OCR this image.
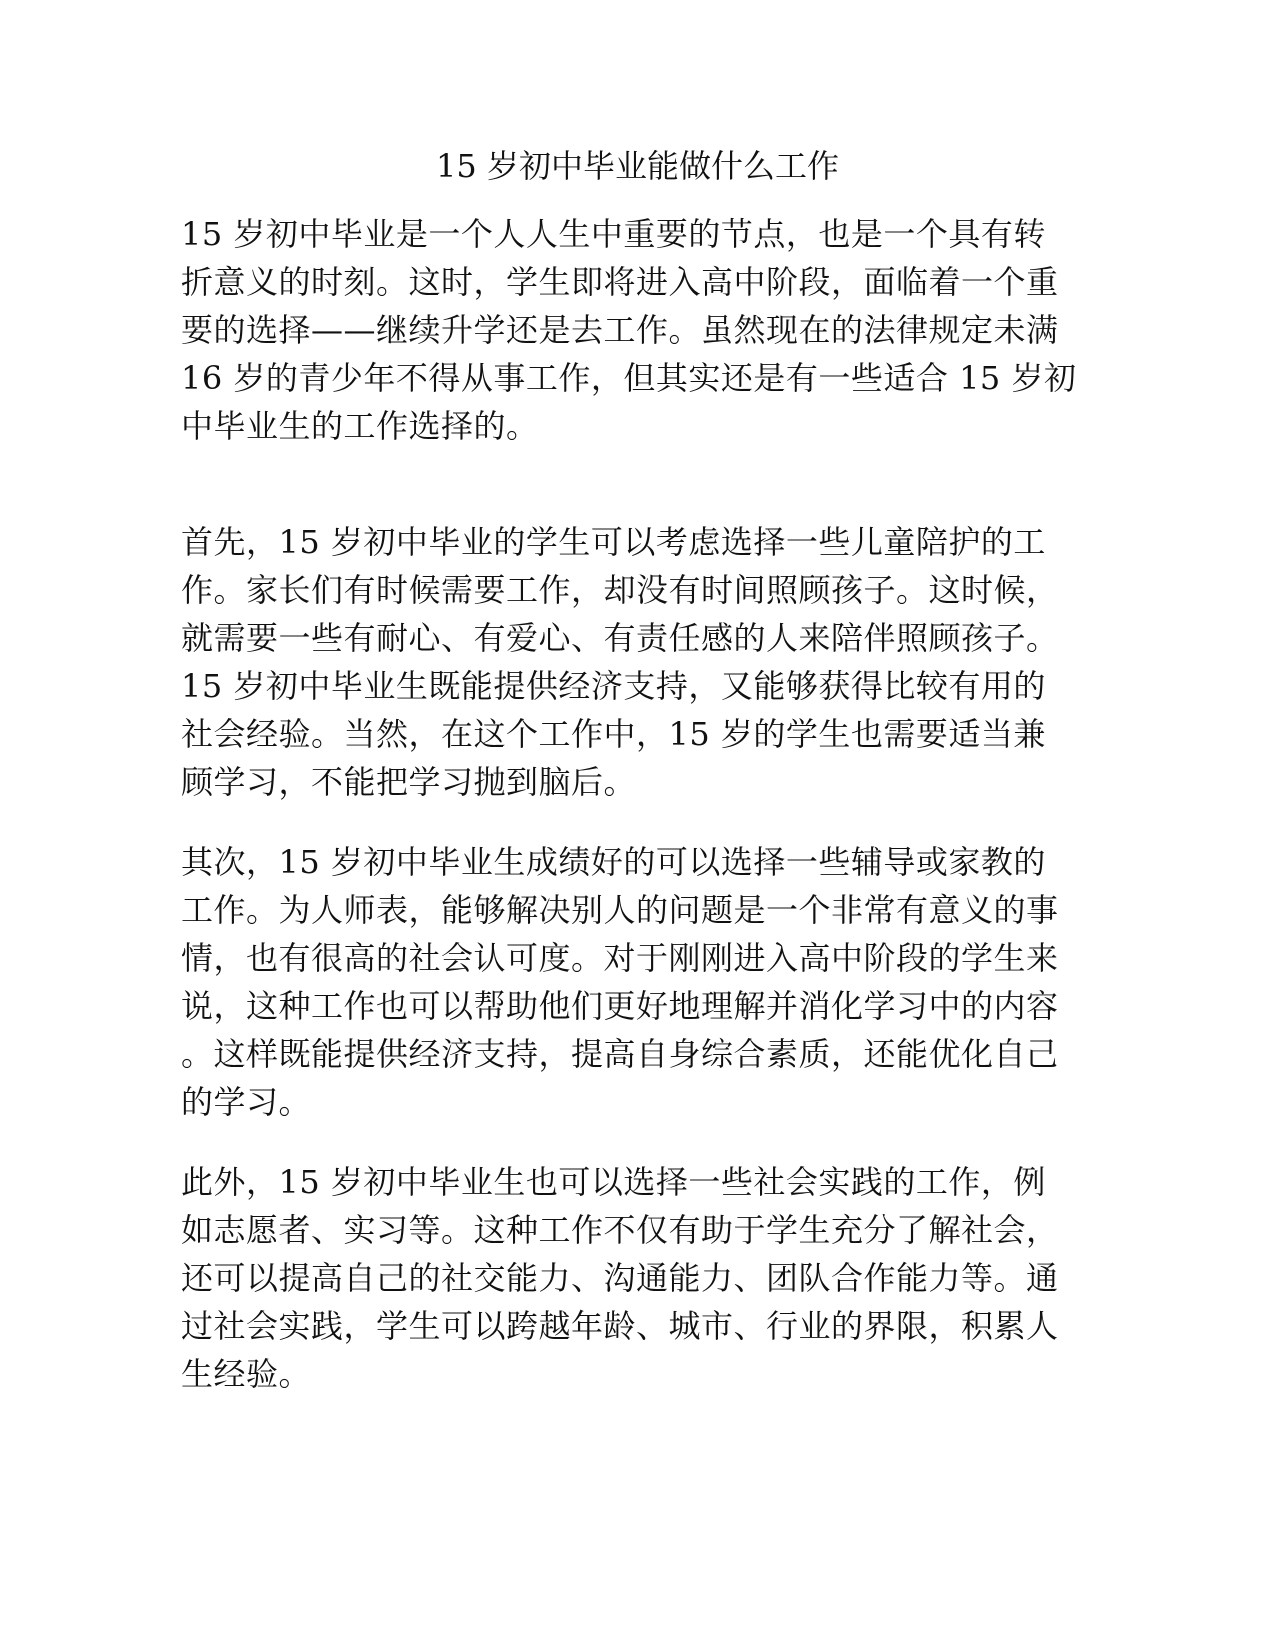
15 岁初中毕业能做什么工作
15 岁初中毕业是一个人人生中重要的节点，也是一个具有转
折意义的时刻。这时，学生即将进入高中阶段，面临着一个重
要的选择——继续升学还是去工作。虽然现在的法律规定未满
16 岁的青少年不得从事工作，但其实还是有一些适合 15 岁初
中毕业生的工作选择的。
首先，15 岁初中毕业的学生可以考虑选择一些儿童陪护的工
作。家长们有时候需要工作，却没有时间照顾孩子。这时候，
就需要一些有耐心、有爱心、有责任感的人来陪伴照顾孩子。
15 岁初中毕业生既能提供经济支持，又能够获得比较有用的
社会经验。当然，在这个工作中，15 岁的学生也需要适当兼
顾学习，不能把学习抛到脑后。
其次，15 岁初中毕业生成绩好的可以选择一些辅导或家教的
工作。为人师表，能够解决别人的问题是一个非常有意义的事
情，也有很高的社会认可度。对于刚刚进入高中阶段的学生来
说，这种工作也可以帮助他们更好地理解并消化学习中的内容
。这样既能提供经济支持，提高自身综合素质，还能优化自己
的学习。
此外，15 岁初中毕业生也可以选择一些社会实践的工作，例
如志愿者、实习等。这种工作不仅有助于学生充分了解社会，
还可以提高自己的社交能力、沟通能力、团队合作能力等。通
过社会实践，学生可以跨越年龄、城市、行业的界限，积累人
生经验。
